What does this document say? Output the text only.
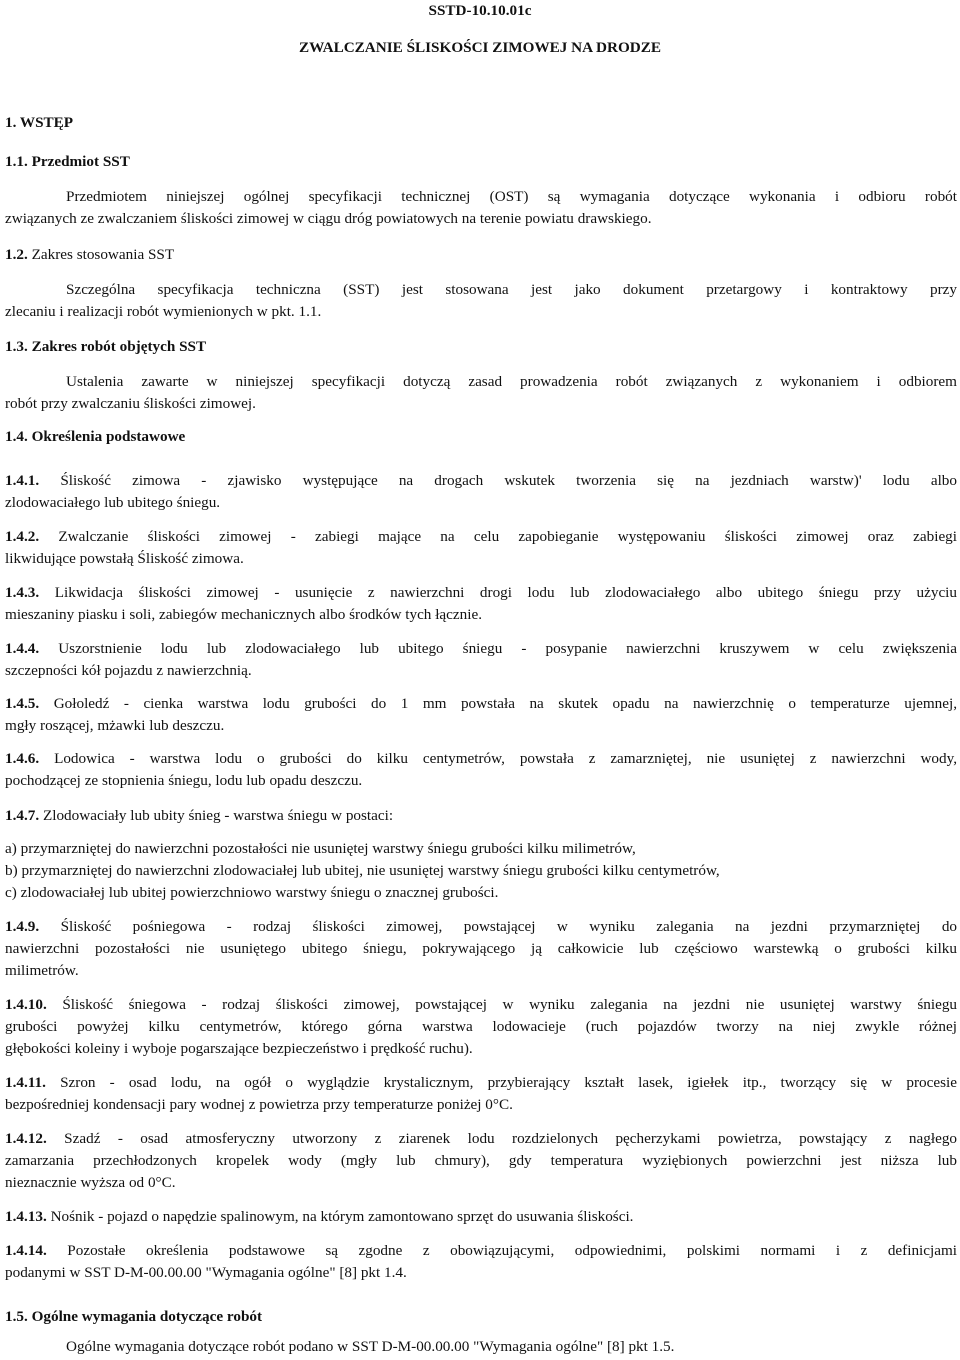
SSTD-10.10.01c
ZWALCZANIE ŚLISKOŚCI ZIMOWEJ NA DRODZE
1. WSTĘP
1.1. Przedmiot SST
Przedmiotem niniejszej ogólnej specyfikacji technicznej (OST) są wymagania dotyczące wykonania i odbioru robót
związanych ze zwalczaniem śliskości zimowej w ciągu dróg powiatowych na terenie powiatu drawskiego.
1.2. Zakres stosowania SST
Szczególna specyfikacja techniczna (SST) jest stosowana jest jako dokument przetargowy i kontraktowy przy
zlecaniu i realizacji robót wymienionych w pkt. 1.1.
1.3. Zakres robót objętych SST
Ustalenia zawarte w niniejszej specyfikacji dotyczą zasad prowadzenia robót związanych z wykonaniem i odbiorem
robót przy zwalczaniu śliskości zimowej.
1.4. Określenia podstawowe
1.4.1. Śliskość zimowa - zjawisko występujące na drogach wskutek tworzenia się na jezdniach warstw)' lodu albo
zlodowaciałego lub ubitego śniegu.
1.4.2. Zwalczanie śliskości zimowej - zabiegi mające na celu zapobieganie występowaniu śliskości zimowej oraz zabiegi
likwidujące powstałą Śliskość zimowa.
1.4.3. Likwidacja śliskości zimowej - usunięcie z nawierzchni drogi lodu lub zlodowaciałego albo ubitego śniegu przy użyciu
mieszaniny piasku i soli, zabiegów mechanicznych albo środków tych łącznie.
1.4.4. Uszorstnienie lodu lub zlodowaciałego lub ubitego śniegu - posypanie nawierzchni kruszywem w celu zwiększenia
szczepności kół pojazdu z nawierzchnią.
1.4.5. Gołoledź - cienka warstwa lodu grubości do 1 mm powstała na skutek opadu na nawierzchnię o temperaturze ujemnej,
mgły roszącej, mżawki lub deszczu.
1.4.6. Lodowica - warstwa lodu o grubości do kilku centymetrów, powstała z zamarzniętej, nie usuniętej z nawierzchni wody,
pochodzącej ze stopnienia śniegu, lodu lub opadu deszczu.
1.4.7. Zlodowaciały lub ubity śnieg - warstwa śniegu w postaci:
a) przymarzniętej do nawierzchni pozostałości nie usuniętej warstwy śniegu grubości kilku milimetrów,
b) przymarzniętej do nawierzchni zlodowaciałej lub ubitej, nie usuniętej warstwy śniegu grubości kilku centymetrów,
c) zlodowaciałej lub ubitej powierzchniowo warstwy śniegu o znacznej grubości.
1.4.9. Śliskość pośniegowa - rodzaj śliskości zimowej, powstającej w wyniku zalegania na jezdni przymarzniętej do
nawierzchni pozostałości nie usuniętego ubitego śniegu, pokrywającego ją całkowicie lub częściowo warstewką o grubości kilku
milimetrów.
1.4.10. Śliskość śniegowa - rodzaj śliskości zimowej, powstającej w wyniku zalegania na jezdni nie usuniętej warstwy śniegu
grubości powyżej kilku centymetrów, którego górna warstwa lodowacieje (ruch pojazdów tworzy na niej zwykle różnej
głębokości koleiny i wyboje pogarszające bezpieczeństwo i prędkość ruchu).
1.4.11. Szron - osad lodu, na ogół o wyglądzie krystalicznym, przybierający kształt lasek, igiełek itp., tworzący się w procesie
bezpośredniej kondensacji pary wodnej z powietrza przy temperaturze poniżej 0°C.
1.4.12. Szadź - osad atmosferyczny utworzony z ziarenek lodu rozdzielonych pęcherzykami powietrza, powstający z nagłego
zamarzania przechłodzonych kropelek wody (mgły lub chmury), gdy temperatura wyziębionych powierzchni jest niższa lub
nieznacznie wyższa od 0°C.
1.4.13. Nośnik - pojazd o napędzie spalinowym, na którym zamontowano sprzęt do usuwania śliskości.
1.4.14. Pozostałe określenia podstawowe są zgodne z obowiązującymi, odpowiednimi, polskimi normami i z definicjami
podanymi w SST D-M-00.00.00 "Wymagania ogólne" [8] pkt 1.4.
1.5. Ogólne wymagania dotyczące robót
Ogólne wymagania dotyczące robót podano w SST D-M-00.00.00 "Wymagania ogólne" [8] pkt 1.5.
